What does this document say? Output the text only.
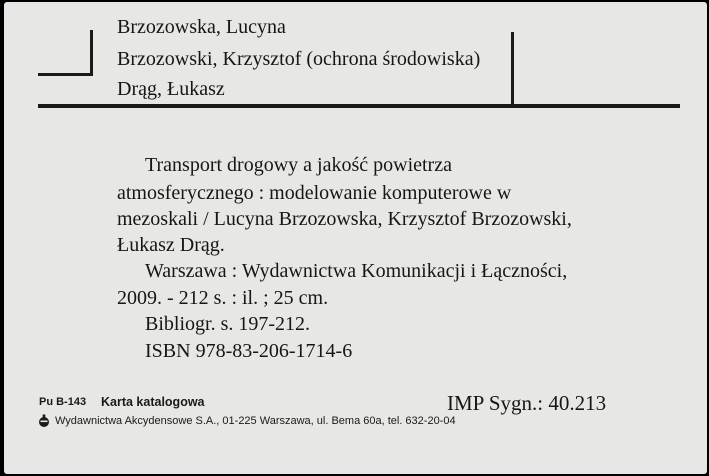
Brzozowska, Lucyna
Brzozowski, Krzysztof (ochrona środowiska)
Drąg, Łukasz
Transport drogowy a jakość powietrza
atmosferycznego : modelowanie komputerowe w
mezoskali / Lucyna Brzozowska, Krzysztof Brzozowski,
Łukasz Drąg.
Warszawa : Wydawnictwa Komunikacji i Łączności,
2009. - 212 s. : il. ; 25 cm.
Bibliogr. s. 197-212.
ISBN 978-83-206-1714-6
Pu B-143 Karta katalogowa	IMP Sygn.: 40.213
Wydawnictwa Akcydensowe S.A., 01-225 Warszawa, ul. Bema 60a, tel. 632-20-04
